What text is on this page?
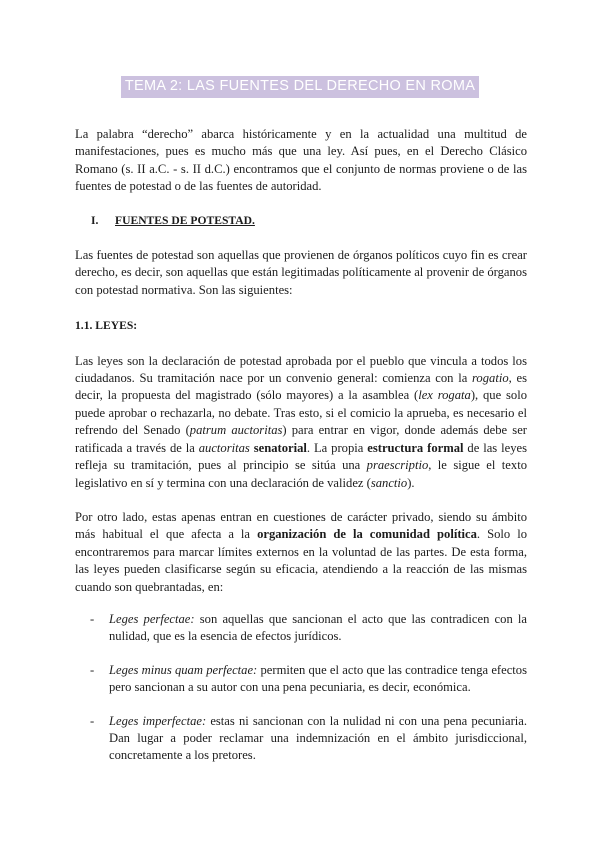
TEMA 2: LAS FUENTES DEL DERECHO EN ROMA

La palabra “derecho” abarca históricamente y en la actualidad una multitud de manifestaciones, pues es mucho más que una ley. Así pues, en el Derecho Clásico Romano (s. II a.C. - s. II d.C.) encontramos que el conjunto de normas proviene o de las fuentes de potestad o de las fuentes de autoridad.

I. FUENTES DE POTESTAD.

Las fuentes de potestad son aquellas que provienen de órganos políticos cuyo fin es crear derecho, es decir, son aquellas que están legitimadas políticamente al provenir de órganos con potestad normativa. Son las siguientes:

1.1. LEYES:

Las leyes son la declaración de potestad aprobada por el pueblo que vincula a todos los ciudadanos. Su tramitación nace por un convenio general: comienza con la rogatio, es decir, la propuesta del magistrado (sólo mayores) a la asamblea (lex rogata), que solo puede aprobar o rechazarla, no debate. Tras esto, si el comicio la aprueba, es necesario el refrendo del Senado (patrum auctoritas) para entrar en vigor, donde además debe ser ratificada a través de la auctoritas senatorial. La propia estructura formal de las leyes refleja su tramitación, pues al principio se sitúa una praescriptio, le sigue el texto legislativo en sí y termina con una declaración de validez (sanctio).

Por otro lado, estas apenas entran en cuestiones de carácter privado, siendo su ámbito más habitual el que afecta a la organización de la comunidad política. Solo lo encontraremos para marcar límites externos en la voluntad de las partes. De esta forma, las leyes pueden clasificarse según su eficacia, atendiendo a la reacción de las mismas cuando son quebrantadas, en:

- Leges perfectae: son aquellas que sancionan el acto que las contradicen con la nulidad, que es la esencia de efectos jurídicos.
- Leges minus quam perfectae: permiten que el acto que las contradice tenga efectos pero sancionan a su autor con una pena pecuniaria, es decir, económica.
- Leges imperfectae: estas ni sancionan con la nulidad ni con una pena pecuniaria. Dan lugar a poder reclamar una indemnización en el ámbito jurisdiccional, concretamente a los pretores.
